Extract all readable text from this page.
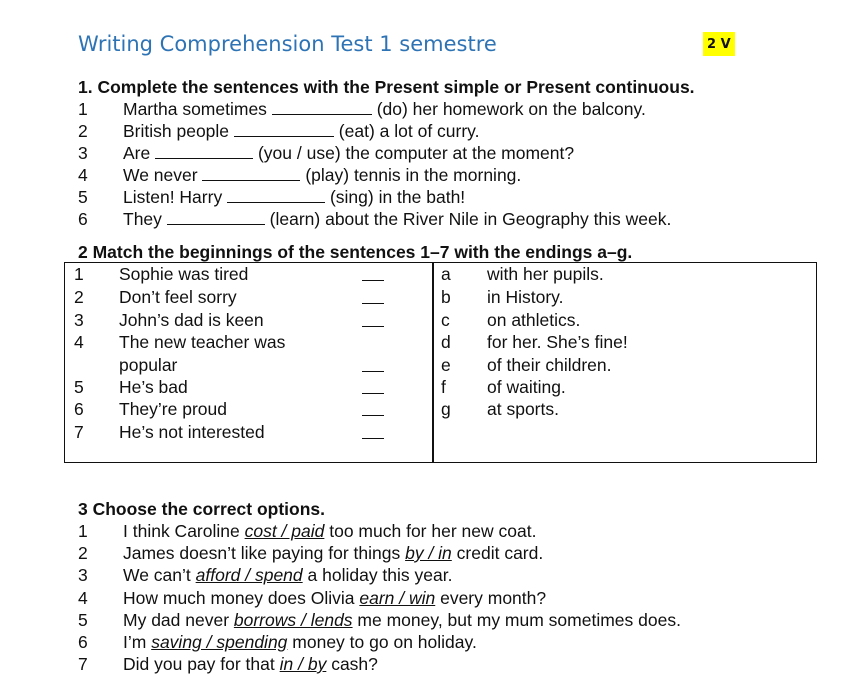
Writing Comprehension Test 1 semestre	2 V
1. Complete the sentences with the Present simple or Present continuous.
1	Martha sometimes	(do) her homework on the balcony.
2	British people	(eat) a lot of curry.
3	Are	(you / use) the computer at the moment?
4	We never	(play) tennis in the morning.
5	Listen! Harry	(sing) in the bath!
6	They	(learn) about the River Nile in Geography this week.
2 Match the beginnings of the sentences 1–7 with the endings a–g.
1 Sophie was tired
2 Don’t feel sorry
3 John’s dad is keen
4 The new teacher was
popular
5 He’s bad
6 They’re proud
7 He’s not interested
a with her pupils.
b in History.
c on athletics.
d for her. She’s fine!
e of their children.
f of waiting.
g at sports.
3 Choose the correct options.
1	I think Caroline cost / paid too much for her new coat.
2	James doesn’t like paying for things by / in credit card.
3	We can’t afford / spend a holiday this year.
4	How much money does Olivia earn / win every month?
5	My dad never borrows / lends me money, but my mum sometimes does.
6	I’m saving / spending money to go on holiday.
7	Did you pay for that in / by cash?
